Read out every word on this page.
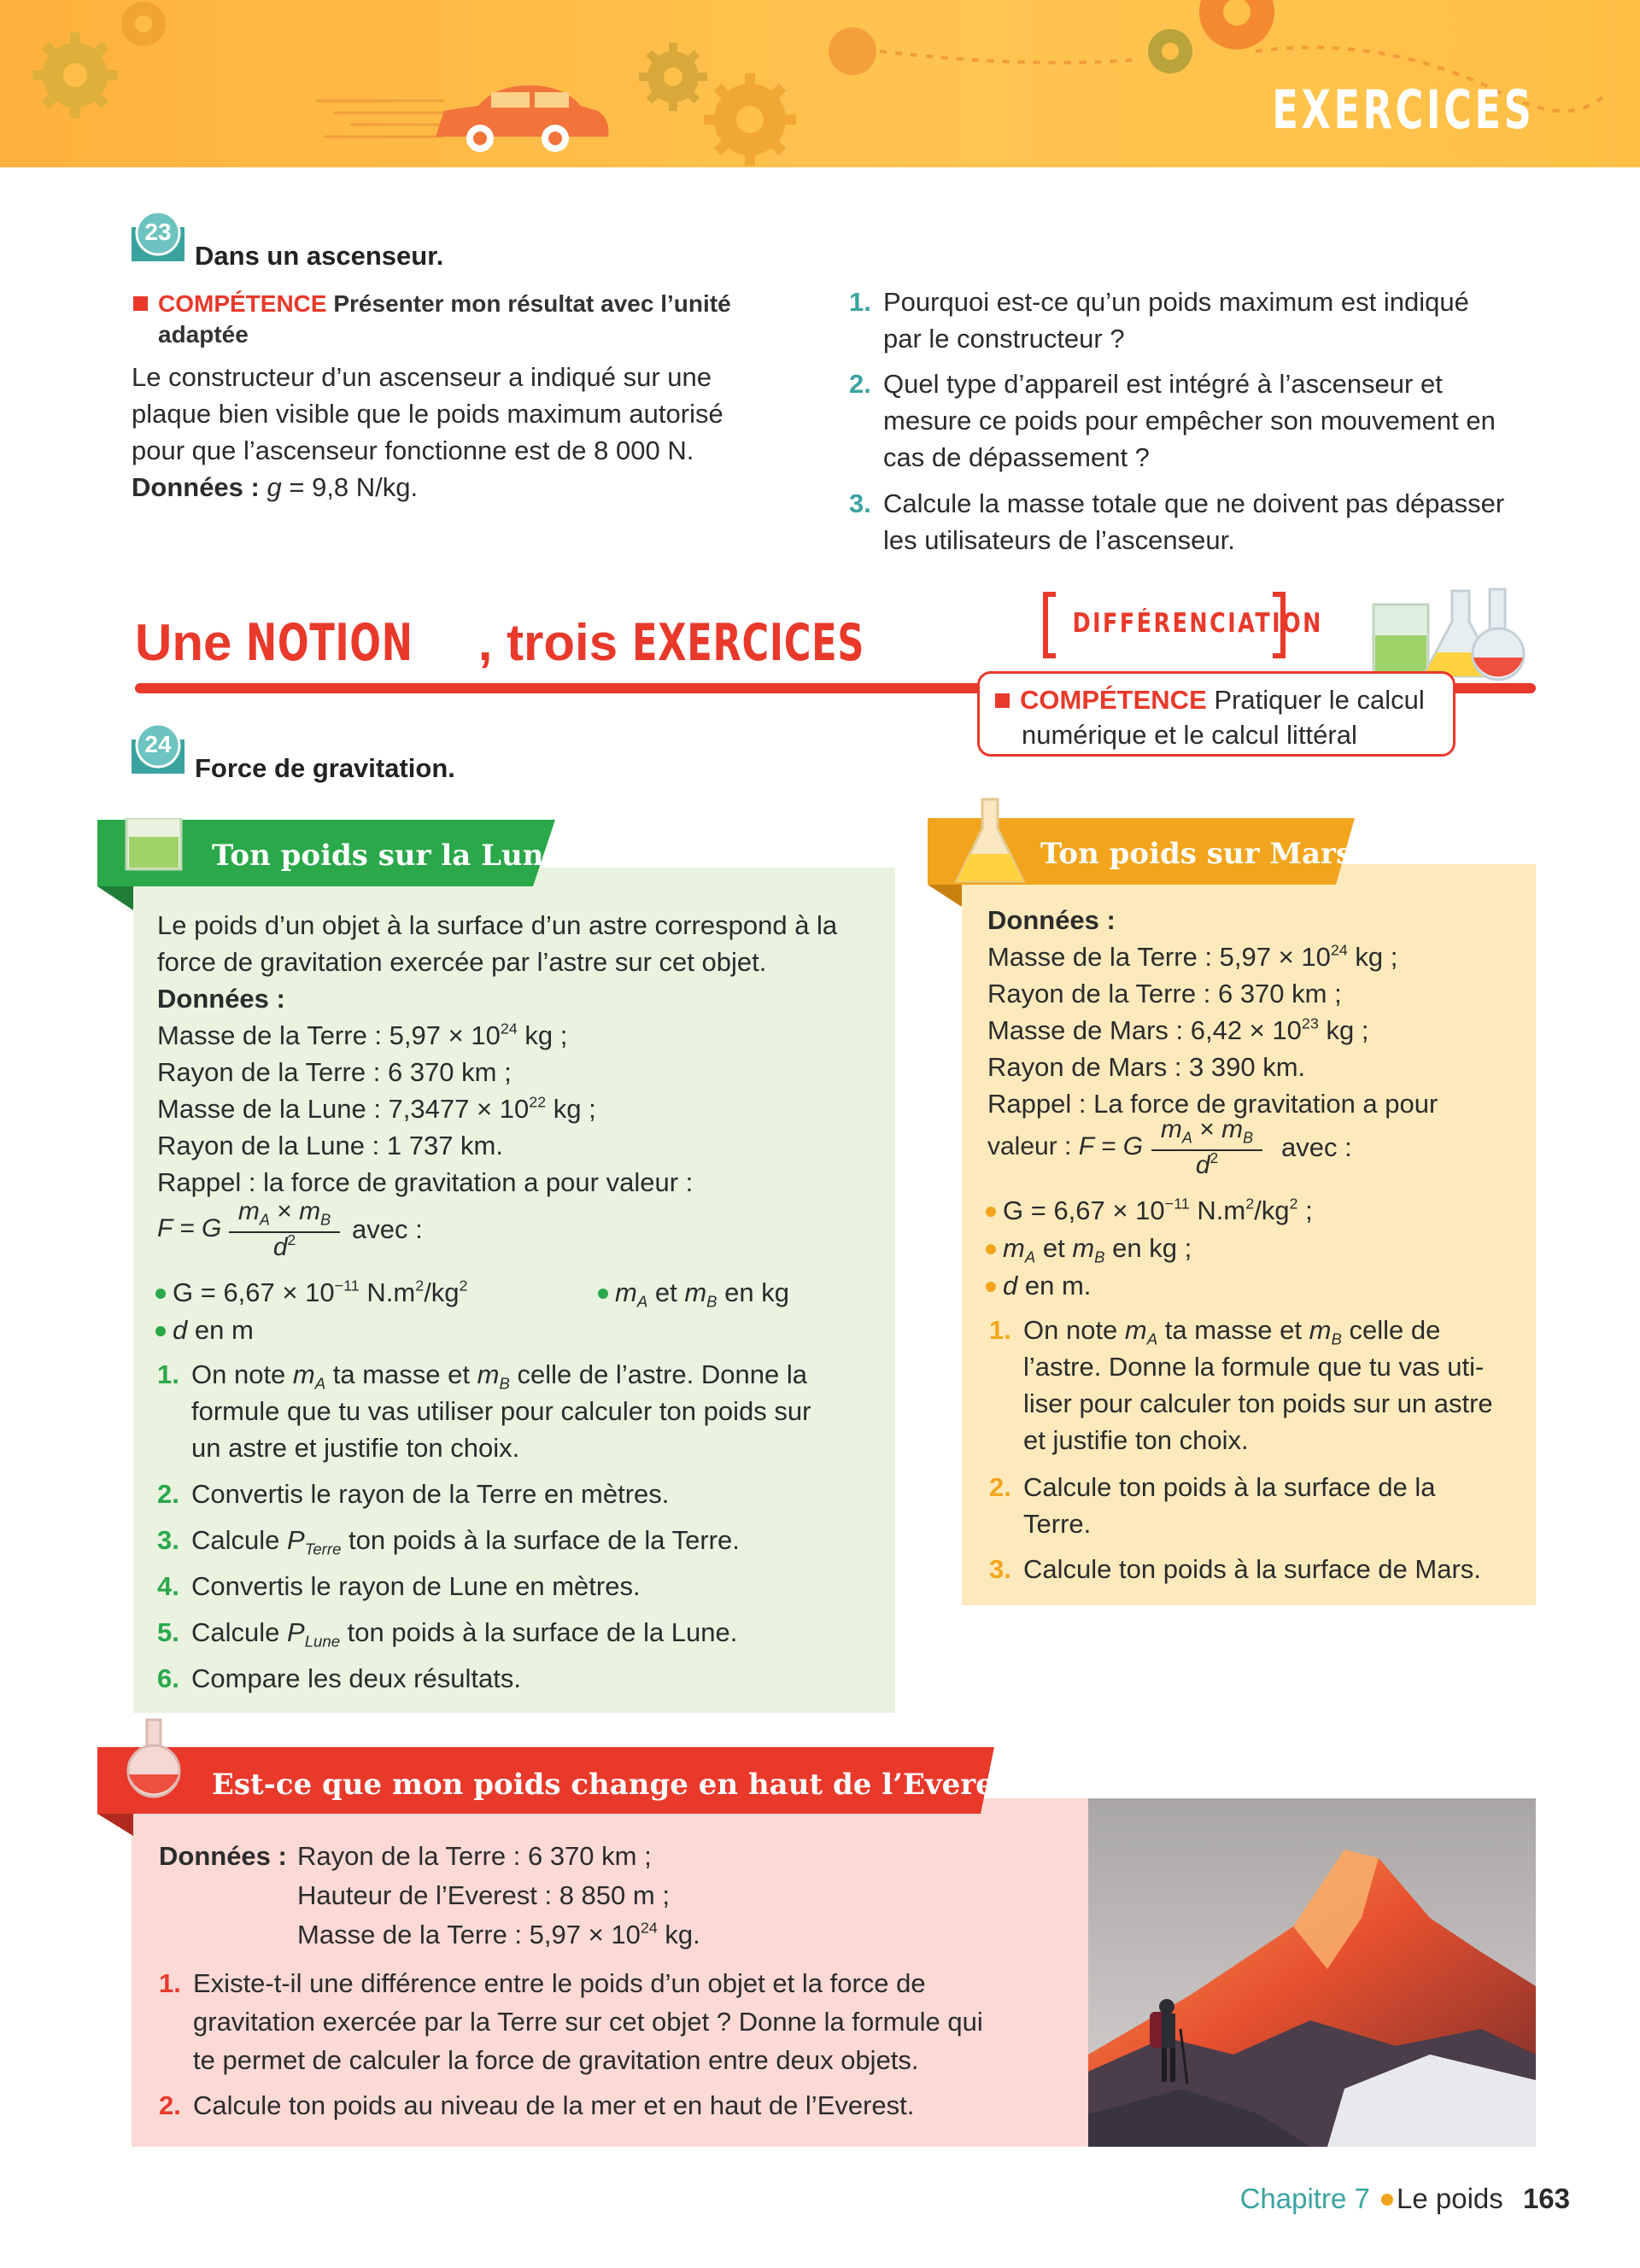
EXERCICES
23
Dans un ascenseur.
COMPÉTENCE Présenter mon résultat avec l’unité
adaptée
Le constructeur d’un ascenseur a indiqué sur une
plaque bien visible que le poids maximum autorisé
pour que l’ascenseur fonctionne est de 8 000 N.
Données : g = 9,8 N/kg.
1. Pourquoi est-ce qu’un poids maximum est indiqué
par le constructeur ?
2. Quel type d’appareil est intégré à l’ascenseur et
mesure ce poids pour empêcher son mouvement en
cas de dépassement ?
3. Calcule la masse totale que ne doivent pas dépasser
les utilisateurs de l’ascenseur.
Une NOTION , trois EXERCICES	DIFFÉRENCIATION
COMPÉTENCE Pratiquer le calcul
numérique et le calcul littéral
24
Force de gravitation.
Ton poids sur la Lune
Le poids d’un objet à la surface d’un astre correspond à la
force de gravitation exercée par l’astre sur cet objet.
Données :
Masse de la Terre : $5,97 \times 10^{24}$ kg ;
Rayon de la Terre : 6 370 km ;
Masse de la Lune : $7,3477 \times 10^{22}$ kg ;
Rayon de la Lune : 1 737 km.
Rappel : la force de gravitation a pour valeur :
F = G
$m_A \times m_B$
$d^2$	avec :
$G = 6,67 \times 10^{-11}$ $N.m^2/kg^2$	$m_A$ et $m_B$ en kg
d en m
1. On note $m_A$ ta masse et $m_B$ celle de l’astre. Donne la
formule que tu vas utiliser pour calculer ton poids sur
un astre et justifie ton choix.
2. Convertis le rayon de la Terre en mètres.
3. Calcule $P_{Terre}$ ton poids à la surface de la Terre.
4. Convertis le rayon de Lune en mètres.
5. Calcule $P_{Lune}$ ton poids à la surface de la Lune.
6. Compare les deux résultats.
Ton poids sur Mars
Données :
Masse de la Terre : $5,97 \times 10^{24}$ kg ;
Rayon de la Terre : 6 370 km ;
Masse de Mars : $6,42 \times 10^{23}$ kg ;
Rayon de Mars : 3 390 km.
Rappel : La force de gravitation a pour
valeur : F = G
$m_A \times m_B$
$d^2$	avec :
$G = 6,67 \times 10^{-11}$ $N.m^2/kg^2$ ;
$m_A$ et $m_B$ en kg ;
d en m.
1. On note $m_A$ ta masse et $m_B$ celle de
l’astre. Donne la formule que tu vas uti-
liser pour calculer ton poids sur un astre
et justifie ton choix.
2. Calcule ton poids à la surface de la
Terre.
3. Calcule ton poids à la surface de Mars.
Est-ce que mon poids change en haut de l’Everest ?
Données : Rayon de la Terre : 6 370 km ;
Hauteur de l’Everest : 8 850 m ;
Masse de la Terre : $5,97 \times 10^{24}$ kg.
1. Existe-t-il une différence entre le poids d’un objet et la force de
gravitation exercée par la Terre sur cet objet ? Donne la formule qui
te permet de calculer la force de gravitation entre deux objets.
2. Calcule ton poids au niveau de la mer et en haut de l’Everest.
Chapitre 7 Le poids 163
